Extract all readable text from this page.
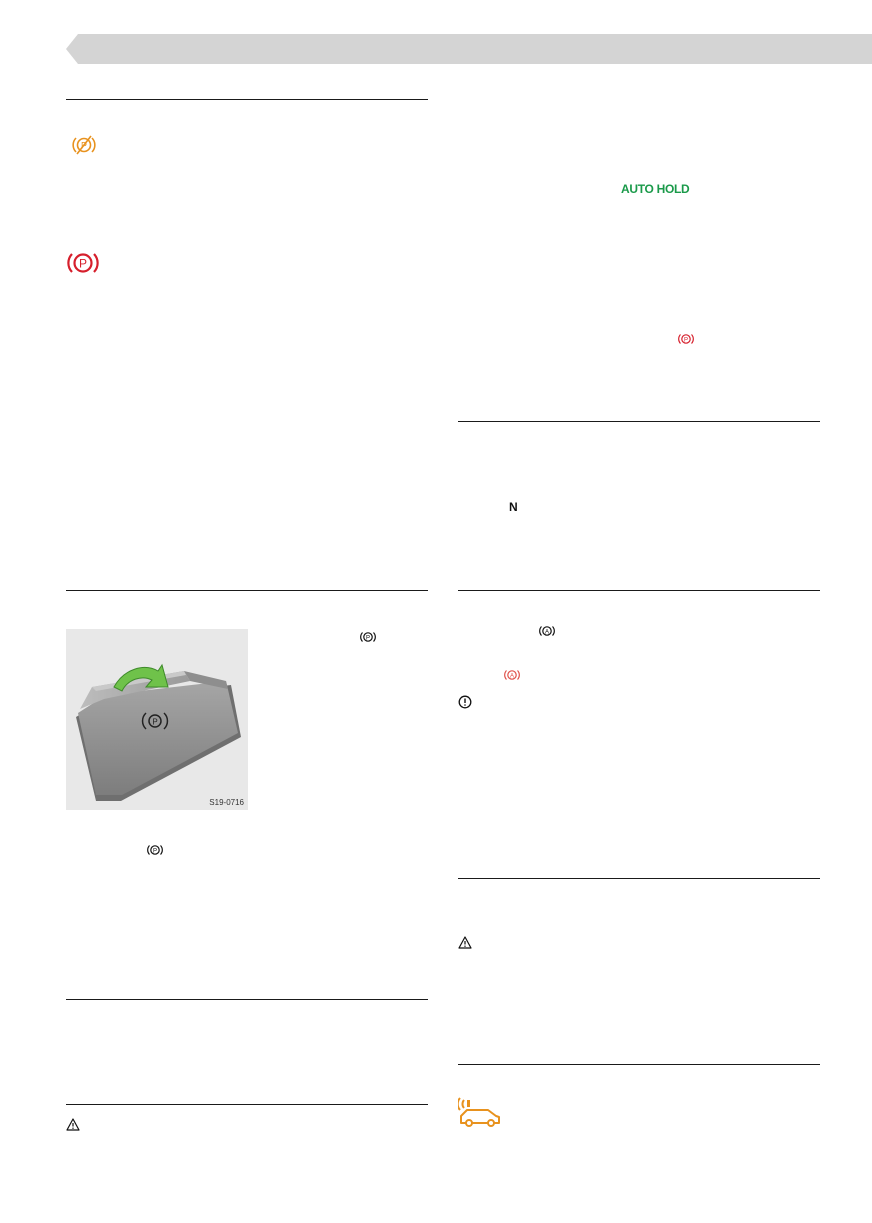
P
P
AUTO HOLD
P
N
P
S19-0716
P
P
A
A
